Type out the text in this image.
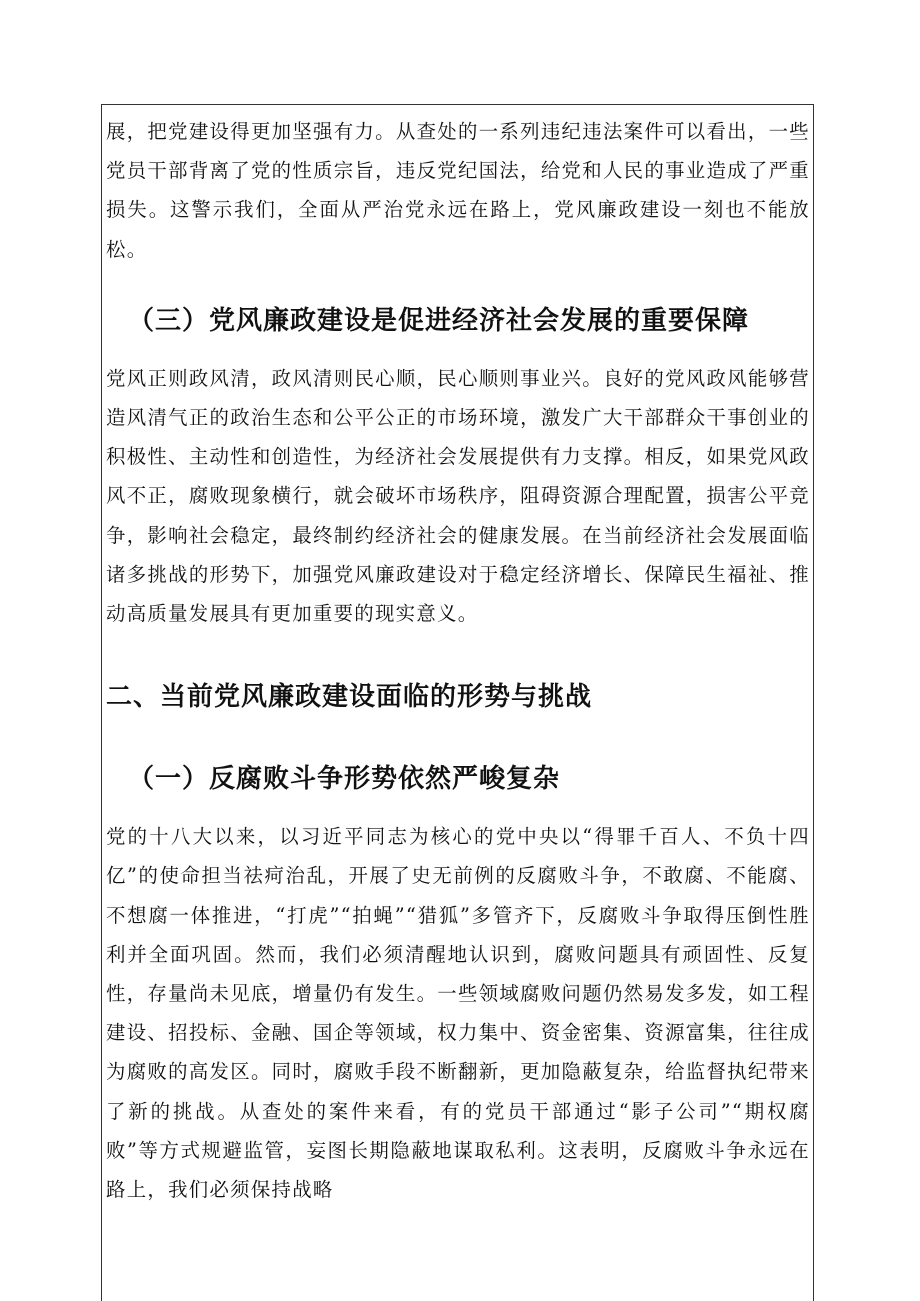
展，把党建设得更加坚强有力。从查处的一系列违纪违法案件可以看出，一些党员干部背离了党的性质宗旨，违反党纪国法，给党和人民的事业造成了严重损失。这警示我们，全面从严治党永远在路上，党风廉政建设一刻也不能放松。

（三）党风廉政建设是促进经济社会发展的重要保障

党风正则政风清，政风清则民心顺，民心顺则事业兴。良好的党风政风能够营造风清气正的政治生态和公平公正的市场环境，激发广大干部群众干事创业的积极性、主动性和创造性，为经济社会发展提供有力支撑。相反，如果党风政风不正，腐败现象横行，就会破坏市场秩序，阻碍资源合理配置，损害公平竞争，影响社会稳定，最终制约经济社会的健康发展。在当前经济社会发展面临诸多挑战的形势下，加强党风廉政建设对于稳定经济增长、保障民生福祉、推动高质量发展具有更加重要的现实意义。

二、当前党风廉政建设面临的形势与挑战
（一）反腐败斗争形势依然严峻复杂

党的十八大以来，以习近平同志为核心的党中央以“得罪千百人、不负十四亿”的使命担当祛疴治乱，开展了史无前例的反腐败斗争，不敢腐、不能腐、不想腐一体推进，“打虎”“拍蝇”“猎狐”多管齐下，反腐败斗争取得压倒性胜利并全面巩固。然而，我们必须清醒地认识到，腐败问题具有顽固性、反复性，存量尚未见底，增量仍有发生。一些领域腐败问题仍然易发多发，如工程建设、招投标、金融、国企等领域，权力集中、资金密集、资源富集，往往成为腐败的高发区。同时，腐败手段不断翻新，更加隐蔽复杂，给监督执纪带来了新的挑战。从查处的案件来看，有的党员干部通过“影子公司”“期权腐败”等方式规避监管，妄图长期隐蔽地谋取私利。这表明，反腐败斗争永远在路上，我们必须保持战略
